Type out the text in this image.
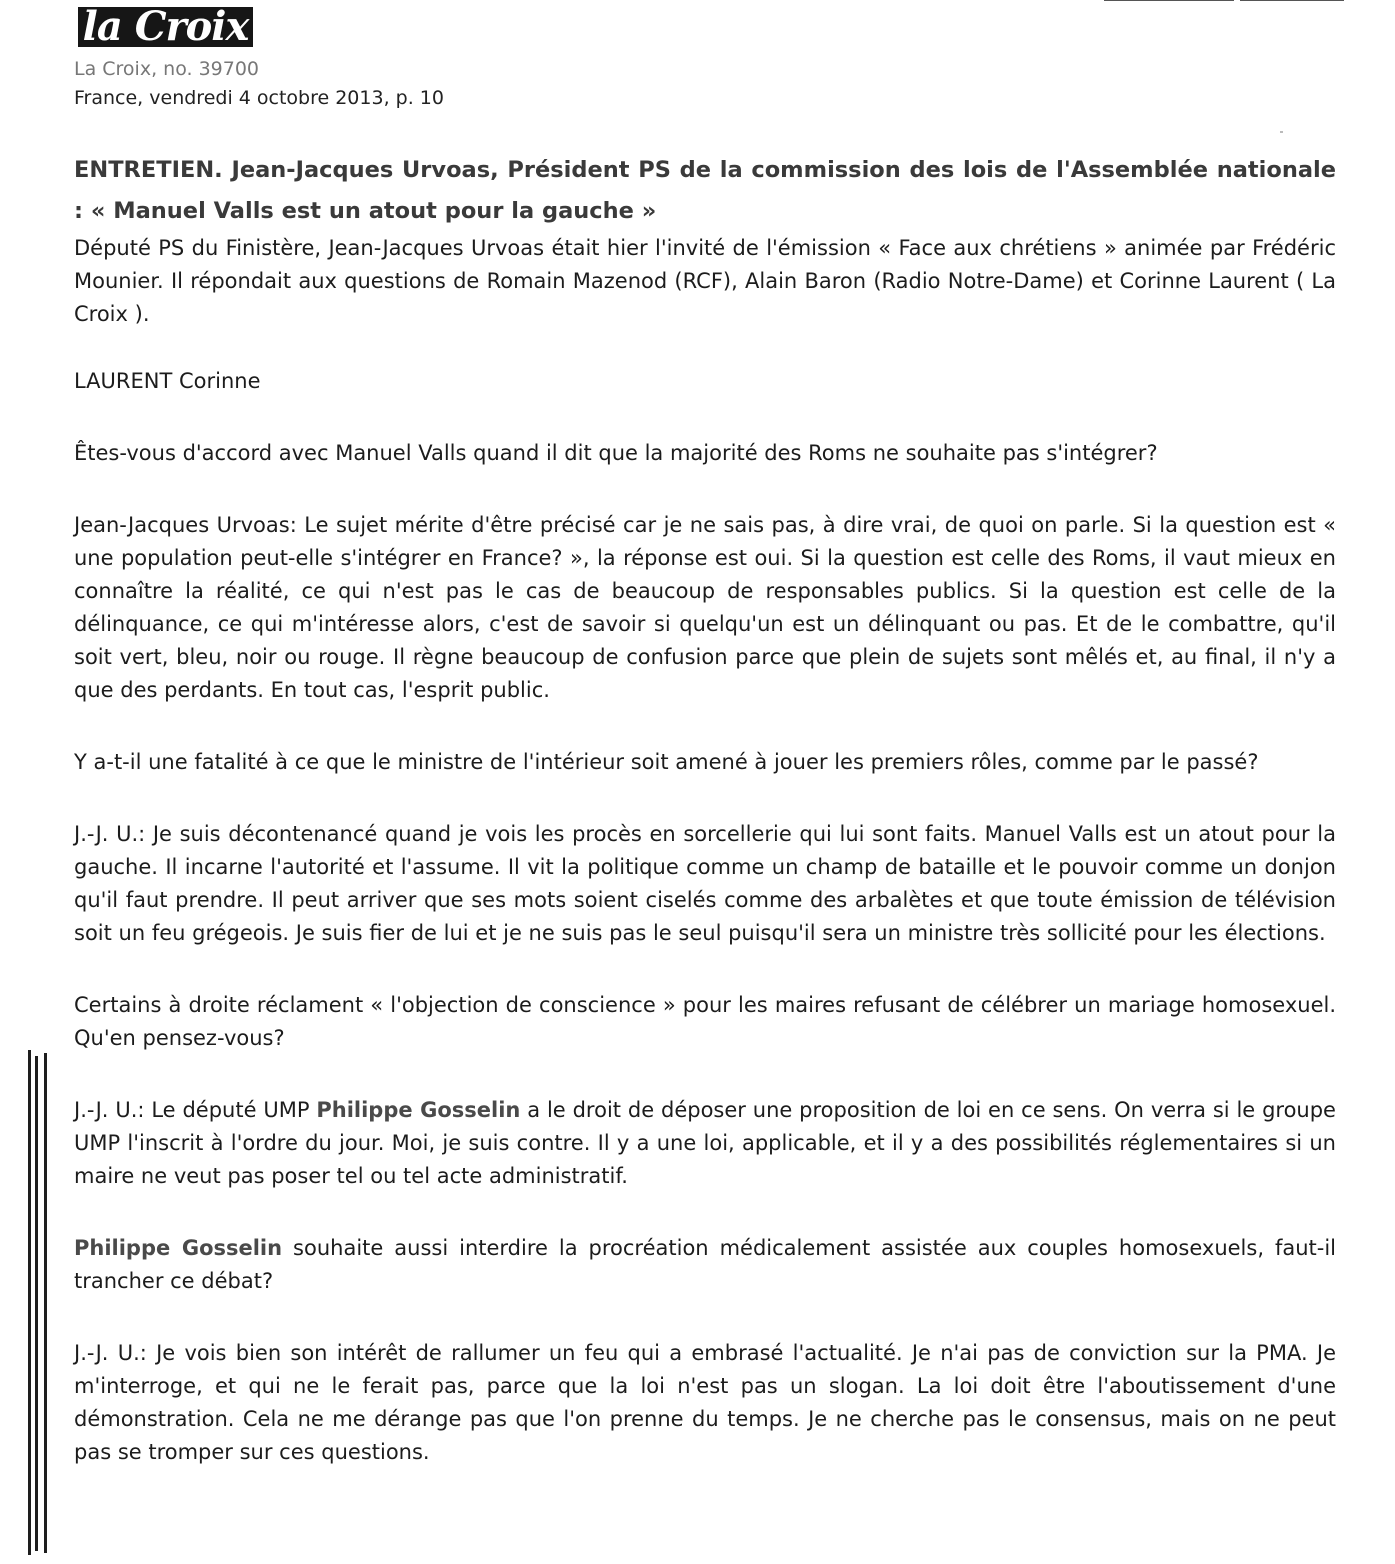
la Croix
La Croix, no. 39700
France, vendredi 4 octobre 2013, p. 10

ENTRETIEN. Jean-Jacques Urvoas, Président PS de la commission des lois de l'Assemblée nationale : « Manuel Valls est un atout pour la gauche »

Député PS du Finistère, Jean-Jacques Urvoas était hier l'invité de l'émission « Face aux chrétiens » animée par Frédéric Mounier. Il répondait aux questions de Romain Mazenod (RCF), Alain Baron (Radio Notre-Dame) et Corinne Laurent ( La Croix ).

LAURENT Corinne

Êtes-vous d'accord avec Manuel Valls quand il dit que la majorité des Roms ne souhaite pas s'intégrer?

Jean-Jacques Urvoas: Le sujet mérite d'être précisé car je ne sais pas, à dire vrai, de quoi on parle. Si la question est « une population peut-elle s'intégrer en France? », la réponse est oui. Si la question est celle des Roms, il vaut mieux en connaître la réalité, ce qui n'est pas le cas de beaucoup de responsables publics. Si la question est celle de la délinquance, ce qui m'intéresse alors, c'est de savoir si quelqu'un est un délinquant ou pas. Et de le combattre, qu'il soit vert, bleu, noir ou rouge. Il règne beaucoup de confusion parce que plein de sujets sont mêlés et, au final, il n'y a que des perdants. En tout cas, l'esprit public.

Y a-t-il une fatalité à ce que le ministre de l'intérieur soit amené à jouer les premiers rôles, comme par le passé?

J.-J. U.: Je suis décontenancé quand je vois les procès en sorcellerie qui lui sont faits. Manuel Valls est un atout pour la gauche. Il incarne l'autorité et l'assume. Il vit la politique comme un champ de bataille et le pouvoir comme un donjon qu'il faut prendre. Il peut arriver que ses mots soient ciselés comme des arbalètes et que toute émission de télévision soit un feu grégeois. Je suis fier de lui et je ne suis pas le seul puisqu'il sera un ministre très sollicité pour les élections.

Certains à droite réclament « l'objection de conscience » pour les maires refusant de célébrer un mariage homosexuel. Qu'en pensez-vous?

J.-J. U.: Le député UMP Philippe Gosselin a le droit de déposer une proposition de loi en ce sens. On verra si le groupe UMP l'inscrit à l'ordre du jour. Moi, je suis contre. Il y a une loi, applicable, et il y a des possibilités réglementaires si un maire ne veut pas poser tel ou tel acte administratif.

Philippe Gosselin souhaite aussi interdire la procréation médicalement assistée aux couples homosexuels, faut-il trancher ce débat?

J.-J. U.: Je vois bien son intérêt de rallumer un feu qui a embrasé l'actualité. Je n'ai pas de conviction sur la PMA. Je m'interroge, et qui ne le ferait pas, parce que la loi n'est pas un slogan. La loi doit être l'aboutissement d'une démonstration. Cela ne me dérange pas que l'on prenne du temps. Je ne cherche pas le consensus, mais on ne peut pas se tromper sur ces questions.
